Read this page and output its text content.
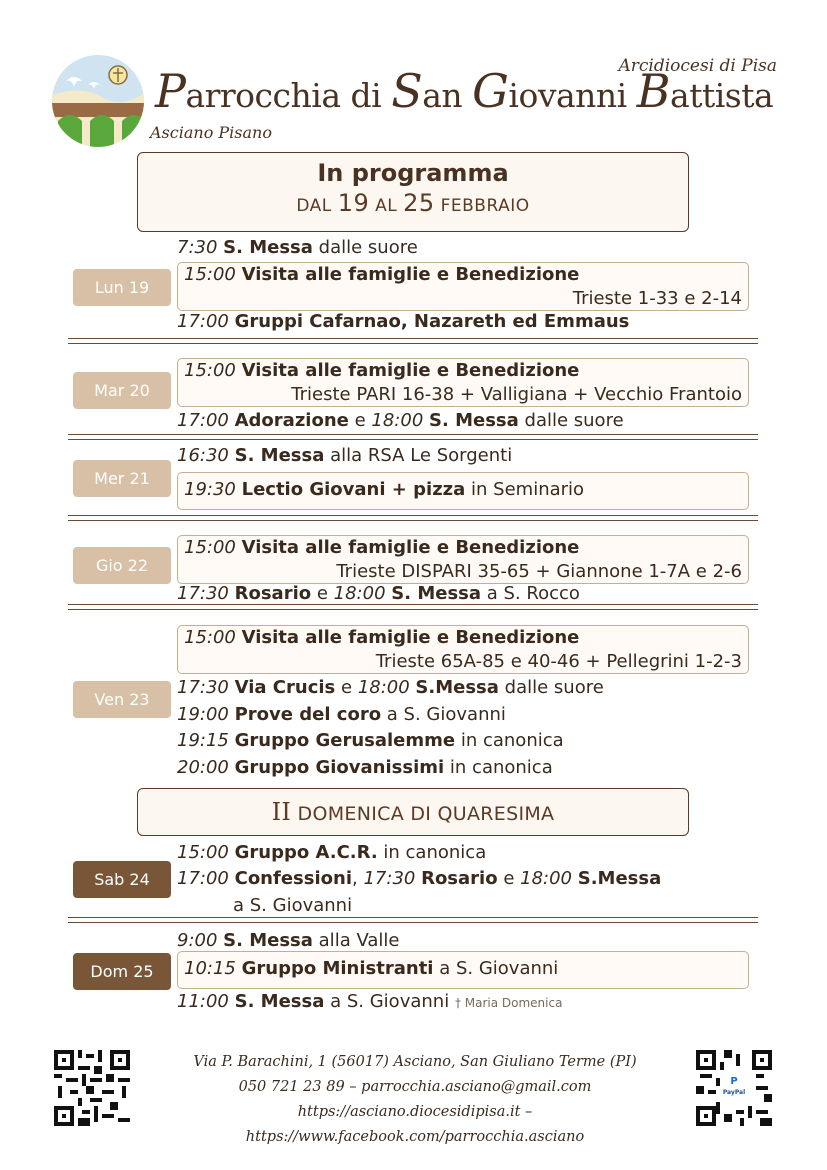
Arcidiocesi di Pisa
Parrocchia di San Giovanni Battista
Asciano Pisano
In programma
DAL 19 AL 25 FEBBRAIO
Lun 19
7:30 S. Messa dalle suore
15:00 Visita alle famiglie e Benedizione
Trieste 1-33 e 2-14
17:00 Gruppi Cafarnao, Nazareth ed Emmaus
Mar 20
15:00 Visita alle famiglie e Benedizione
Trieste PARI 16-38 + Valligiana + Vecchio Frantoio
17:00 Adorazione e 18:00 S. Messa dalle suore
Mer 21
16:30 S. Messa alla RSA Le Sorgenti
19:30 Lectio Giovani + pizza in Seminario
Gio 22
15:00 Visita alle famiglie e Benedizione
Trieste DISPARI 35-65 + Giannone 1-7A e 2-6
17:30 Rosario e 18:00 S. Messa a S. Rocco
Ven 23
15:00 Visita alle famiglie e Benedizione
Trieste 65A-85 e 40-46 + Pellegrini 1-2-3
17:30 Via Crucis e 18:00 S.Messa dalle suore
19:00 Prove del coro a S. Giovanni
19:15 Gruppo Gerusalemme in canonica
20:00 Gruppo Giovanissimi in canonica
II DOMENICA DI QUARESIMA
Sab 24
15:00 Gruppo A.C.R. in canonica
17:00 Confessioni, 17:30 Rosario e 18:00 S.Messa
a S. Giovanni
Dom 25
9:00 S. Messa alla Valle
10:15 Gruppo Ministranti a S. Giovanni
11:00 S. Messa a S. Giovanni † Maria Domenica
Via P. Barachini, 1 (56017) Asciano, San Giuliano Terme (PI)
050 721 23 89 – parrocchia.asciano@gmail.com
https://asciano.diocesidipisa.it – https://www.facebook.com/parrocchia.asciano
P
PayPal
